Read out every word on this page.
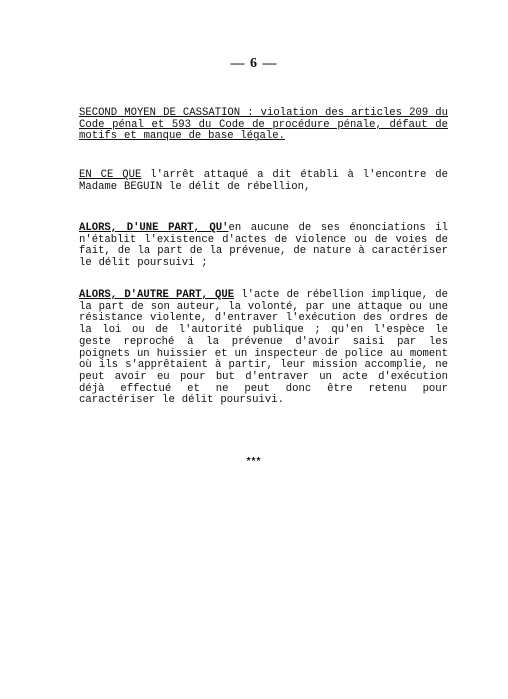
— 6 —
SECOND MOYEN DE CASSATION : violation des articles 209 du Code pénal et 593 du Code de procédure pénale, défaut de motifs et manque de base légale.
EN CE QUE l'arrêt attaqué a dit établi à l'encontre de Madame BEGUIN le délit de rébellion,
ALORS, D'UNE PART, QU'en aucune de ses énonciations il n'établit l'existence d'actes de violence ou de voies de fait, de la part de la prévenue, de nature à caractériser le délit poursuivi ;
ALORS, D'AUTRE PART, QUE l'acte de rébellion implique, de la part de son auteur, la volonté, par une attaque ou une résistance violente, d'entraver l'exécution des ordres de la loi ou de l'autorité publique ; qu'en l'espèce le geste reproché à la prévenue d'avoir saisi par les poignets un huissier et un inspecteur de police au moment où ils s'apprêtaient à partir, leur mission accomplie, ne peut avoir eu pour but d'entraver un acte d'exécution déjà effectué et ne peut donc être retenu pour caractériser le délit poursuivi.
***
